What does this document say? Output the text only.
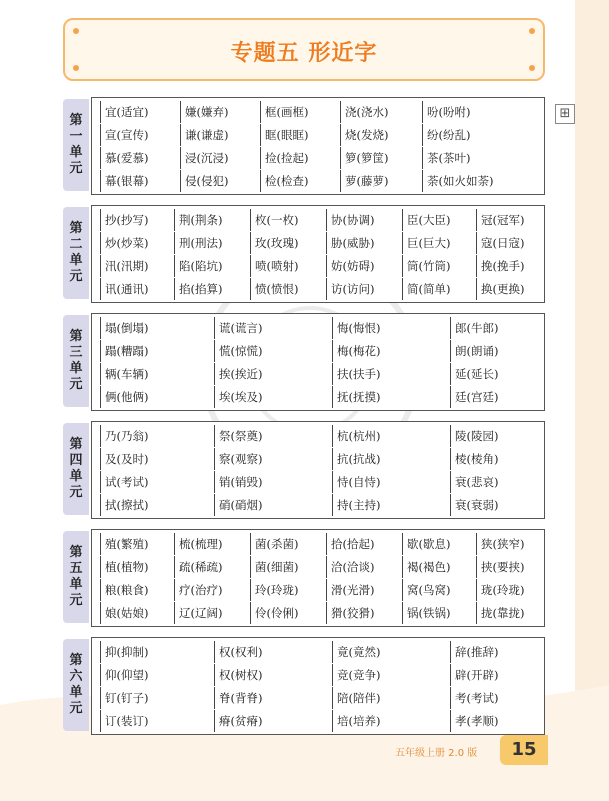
专题五 形近字
⊞
第一单元
宜(适宜)	嫌(嫌弃)	框(画框)	浇(浇水)	吩(吩咐)
宣(宣传)	谦(谦虚)	眶(眼眶)	烧(发烧)	纷(纷乱)
慕(爱慕)	浸(沉浸)	捡(捡起)	箩(箩筐)	茶(茶叶)
幕(银幕)	侵(侵犯)	检(检查)	萝(藤萝)	荼(如火如荼)
第二单元
抄(抄写)	荆(荆条)	枚(一枚)	协(协调)	臣(大臣)	冠(冠军)
炒(炒菜)	刑(刑法)	玫(玫瑰)	胁(威胁)	巨(巨大)	寇(日寇)
汛(汛期)	陷(陷坑)	喷(喷射)	妨(妨碍)	筒(竹筒)	挽(挽手)
讯(通讯)	掐(掐算)	愤(愤恨)	访(访问)	简(简单)	换(更换)
第三单元
塌(倒塌)	谎(谎言)	悔(悔恨)	郎(牛郎)
蹋(糟蹋)	慌(惊慌)	梅(梅花)	朗(朗诵)
辆(车辆)	挨(挨近)	扶(扶手)	延(延长)
俩(他俩)	埃(埃及)	抚(抚摸)	廷(宫廷)
第四单元
乃(乃翁)	祭(祭奠)	杭(杭州)	陵(陵园)
及(及时)	察(观察)	抗(抗战)	棱(棱角)
试(考试)	销(销毁)	恃(自恃)	衰(悲哀)
拭(擦拭)	硝(硝烟)	持(主持)	衰(衰弱)
第五单元
殖(繁殖)	梳(梳理)	菌(杀菌)	拾(拾起)	歇(歇息)	狭(狭窄)
植(植物)	疏(稀疏)	菌(细菌)	洽(洽谈)	褐(褐色)	挟(要挟)
粮(粮食)	疗(治疗)	玲(玲珑)	滑(光滑)	窝(鸟窝)	珑(玲珑)
娘(姑娘)	辽(辽阔)	伶(伶俐)	猾(狡猾)	锅(铁锅)	拢(靠拢)
第六单元
抑(抑制)	权(权利)	竟(竟然)	辞(推辞)
仰(仰望)	权(树权)	竞(竞争)	辟(开辟)
钉(钉子)	脊(背脊)	陪(陪伴)	考(考试)
订(装订)	瘠(贫瘠)	培(培养)	孝(孝顺)
五年级上册 2.0 版	15
